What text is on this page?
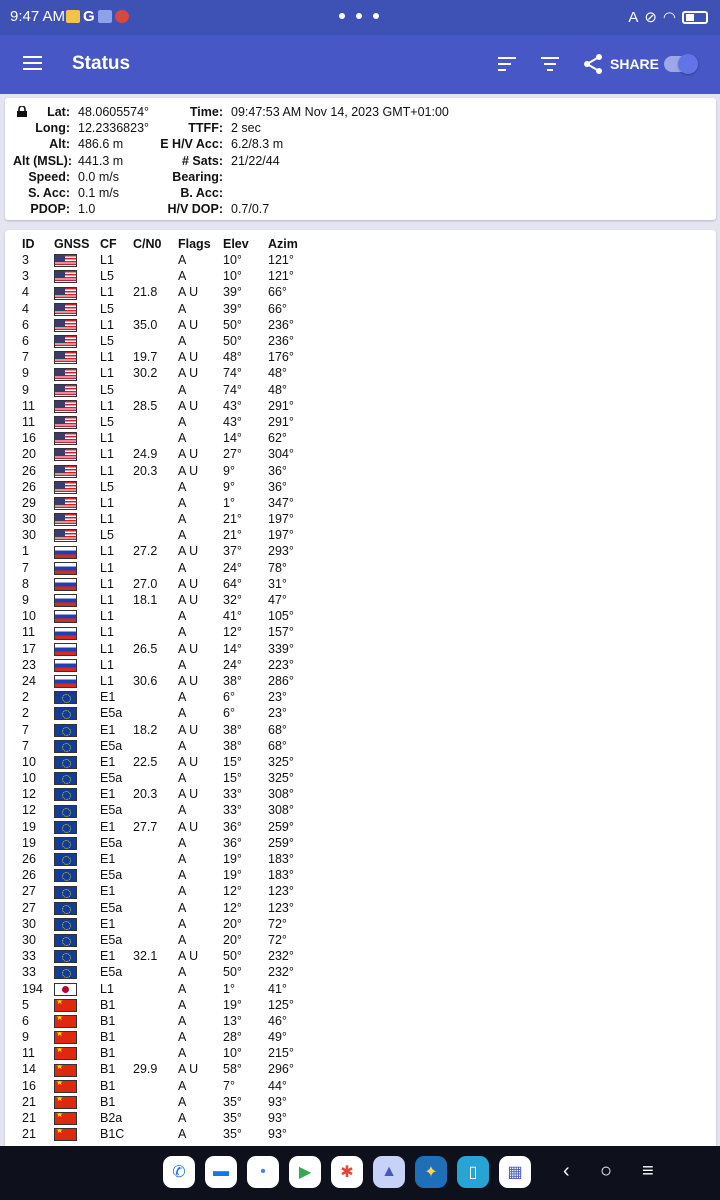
9:47 AM G	A ⊘ ◠
Status	SHARE
Lat: 48.0605574°
Long: 12.2336823°
Alt: 486.6 m
Alt (MSL): 441.3 m
Speed: 0.0 m/s
S. Acc: 0.1 m/s
PDOP: 1.0
Time: 09:47:53 AM Nov 14, 2023 GMT+01:00
TTFF: 2 sec
E H/V Acc: 6.2/8.3 m
# Sats: 21/22/44
Bearing:
B. Acc:
H/V DOP: 0.7/0.7
ID	GNSS	CF	C/N0	Flags	Elev	Azim
3		L1		A	10°	121°
3		L5		A	10°	121°
4		L1	21.8	A U	39°	66°
4		L5		A	39°	66°
6		L1	35.0	A U	50°	236°
6		L5		A	50°	236°
7		L1	19.7	A U	48°	176°
9		L1	30.2	A U	74°	48°
9		L5		A	74°	48°
11		L1	28.5	A U	43°	291°
11		L5		A	43°	291°
16		L1		A	14°	62°
20		L1	24.9	A U	27°	304°
26		L1	20.3	A U	9°	36°
26		L5		A	9°	36°
29		L1		A	1°	347°
30		L1		A	21°	197°
30		L5		A	21°	197°
1		L1	27.2	A U	37°	293°
7		L1		A	24°	78°
8		L1	27.0	A U	64°	31°
9		L1	18.1	A U	32°	47°
10		L1		A	41°	105°
11		L1		A	12°	157°
17		L1	26.5	A U	14°	339°
23		L1		A	24°	223°
24		L1	30.6	A U	38°	286°
2		E1		A	6°	23°
2		E5a		A	6°	23°
7		E1	18.2	A U	38°	68°
7		E5a		A	38°	68°
10		E1	22.5	A U	15°	325°
10		E5a		A	15°	325°
12		E1	20.3	A U	33°	308°
12		E5a		A	33°	308°
19		E1	27.7	A U	36°	259°
19		E5a		A	36°	259°
26		E1		A	19°	183°
26		E5a		A	19°	183°
27		E1		A	12°	123°
27		E5a		A	12°	123°
30		E1		A	20°	72°
30		E5a		A	20°	72°
33		E1	32.1	A U	50°	232°
33		E5a		A	50°	232°
194		L1		A	1°	41°
5	★	B1		A	19°	125°
6	★	B1		A	13°	46°
9	★	B1		A	28°	49°
11	★	B1		A	10°	215°
14	★	B1	29.9	A U	58°	296°
16	★	B1		A	7°	44°
21	★	B1		A	35°	93°
21	★	B2a		A	35°	93°
21	★	B1C		A	35°	93°
✆	▬	•	▶	✱	▲	✦	▯	▦	‹ ○ ≡
